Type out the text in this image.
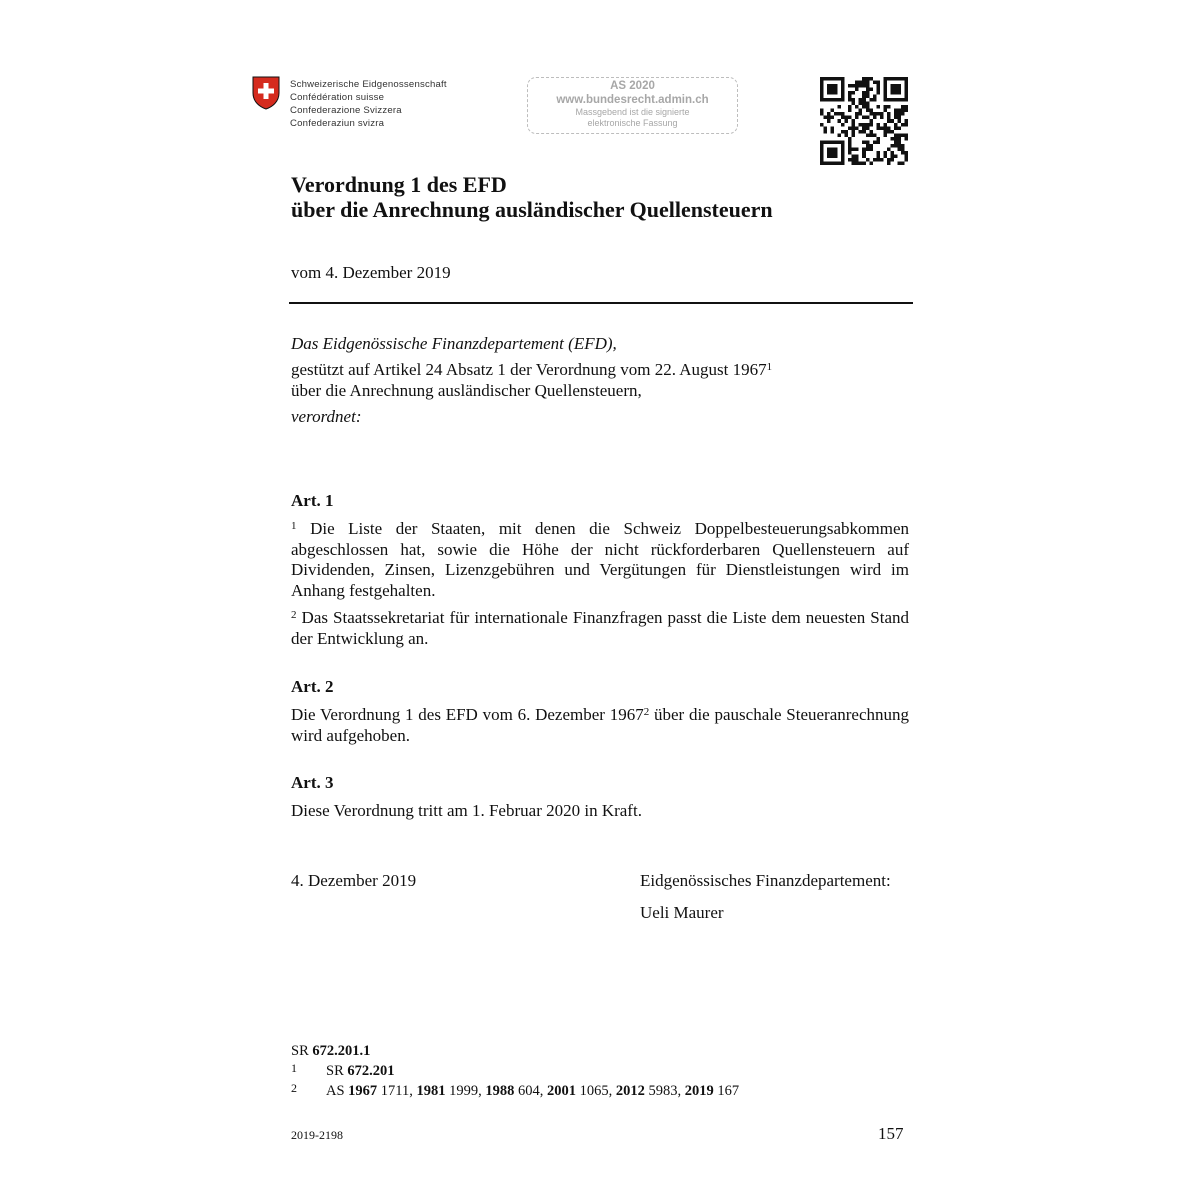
Schweizerische Eidgenossenschaft
Confédération suisse
Confederazione Svizzera
Confederaziun svizra
AS 2020
www.bundesrecht.admin.ch
Massgebend ist die signierte
elektronische Fassung
Verordnung 1 des EFD
über die Anrechnung ausländischer Quellensteuern
vom 4. Dezember 2019
Das Eidgenössische Finanzdepartement (EFD),
gestützt auf Artikel 24 Absatz 1 der Verordnung vom 22. August 1967$^1$
über die Anrechnung ausländischer Quellensteuern,
verordnet:
Art. 1
$^1$ Die Liste der Staaten, mit denen die Schweiz Doppelbesteuerungsabkommen abgeschlossen hat, sowie die Höhe der nicht rückforderbaren Quellensteuern auf Dividenden, Zinsen, Lizenzgebühren und Vergütungen für Dienstleistungen wird im Anhang festgehalten.
$^2$ Das Staatssekretariat für internationale Finanzfragen passt die Liste dem neuesten Stand der Entwicklung an.
Art. 2
Die Verordnung 1 des EFD vom 6. Dezember 1967$^2$ über die pauschale Steueranrechnung wird aufgehoben.
Art. 3
Diese Verordnung tritt am 1. Februar 2020 in Kraft.
4. Dezember 2019	Eidgenössisches Finanzdepartement:
Ueli Maurer
SR 672.201.1
1 SR 672.201
2 AS 1967 1711, 1981 1999, 1988 604, 2001 1065, 2012 5983, 2019 167
2019-2198	157
